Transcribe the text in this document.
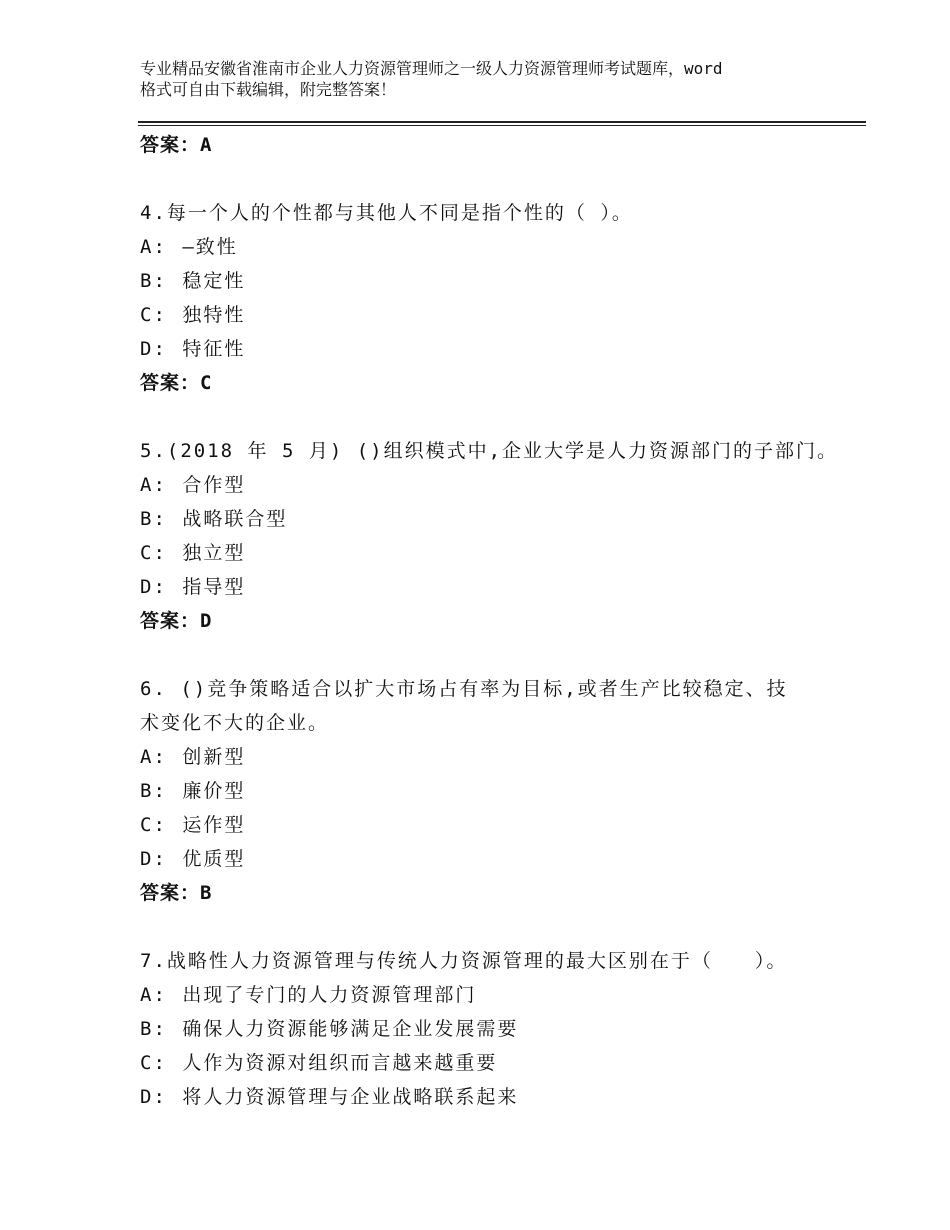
专业精品安徽省淮南市企业人力资源管理师之一级人力资源管理师考试题库，word
格式可自由下载编辑，附完整答案！
答案：A
4.每一个人的个性都与其他人不同是指个性的（ ）。
A: —致性
B: 稳定性
C: 独特性
D: 特征性
答案：C
5.(2018 年 5 月) ()组织模式中,企业大学是人力资源部门的子部门。
A: 合作型
B: 战略联合型
C: 独立型
D: 指导型
答案：D
6. ()竞争策略适合以扩大市场占有率为目标,或者生产比较稳定、技
术变化不大的企业。
A: 创新型
B: 廉价型
C: 运作型
D: 优质型
答案：B
7.战略性人力资源管理与传统人力资源管理的最大区别在于（　　）。
A: 出现了专门的人力资源管理部门
B: 确保人力资源能够满足企业发展需要
C: 人作为资源对组织而言越来越重要
D: 将人力资源管理与企业战略联系起来
